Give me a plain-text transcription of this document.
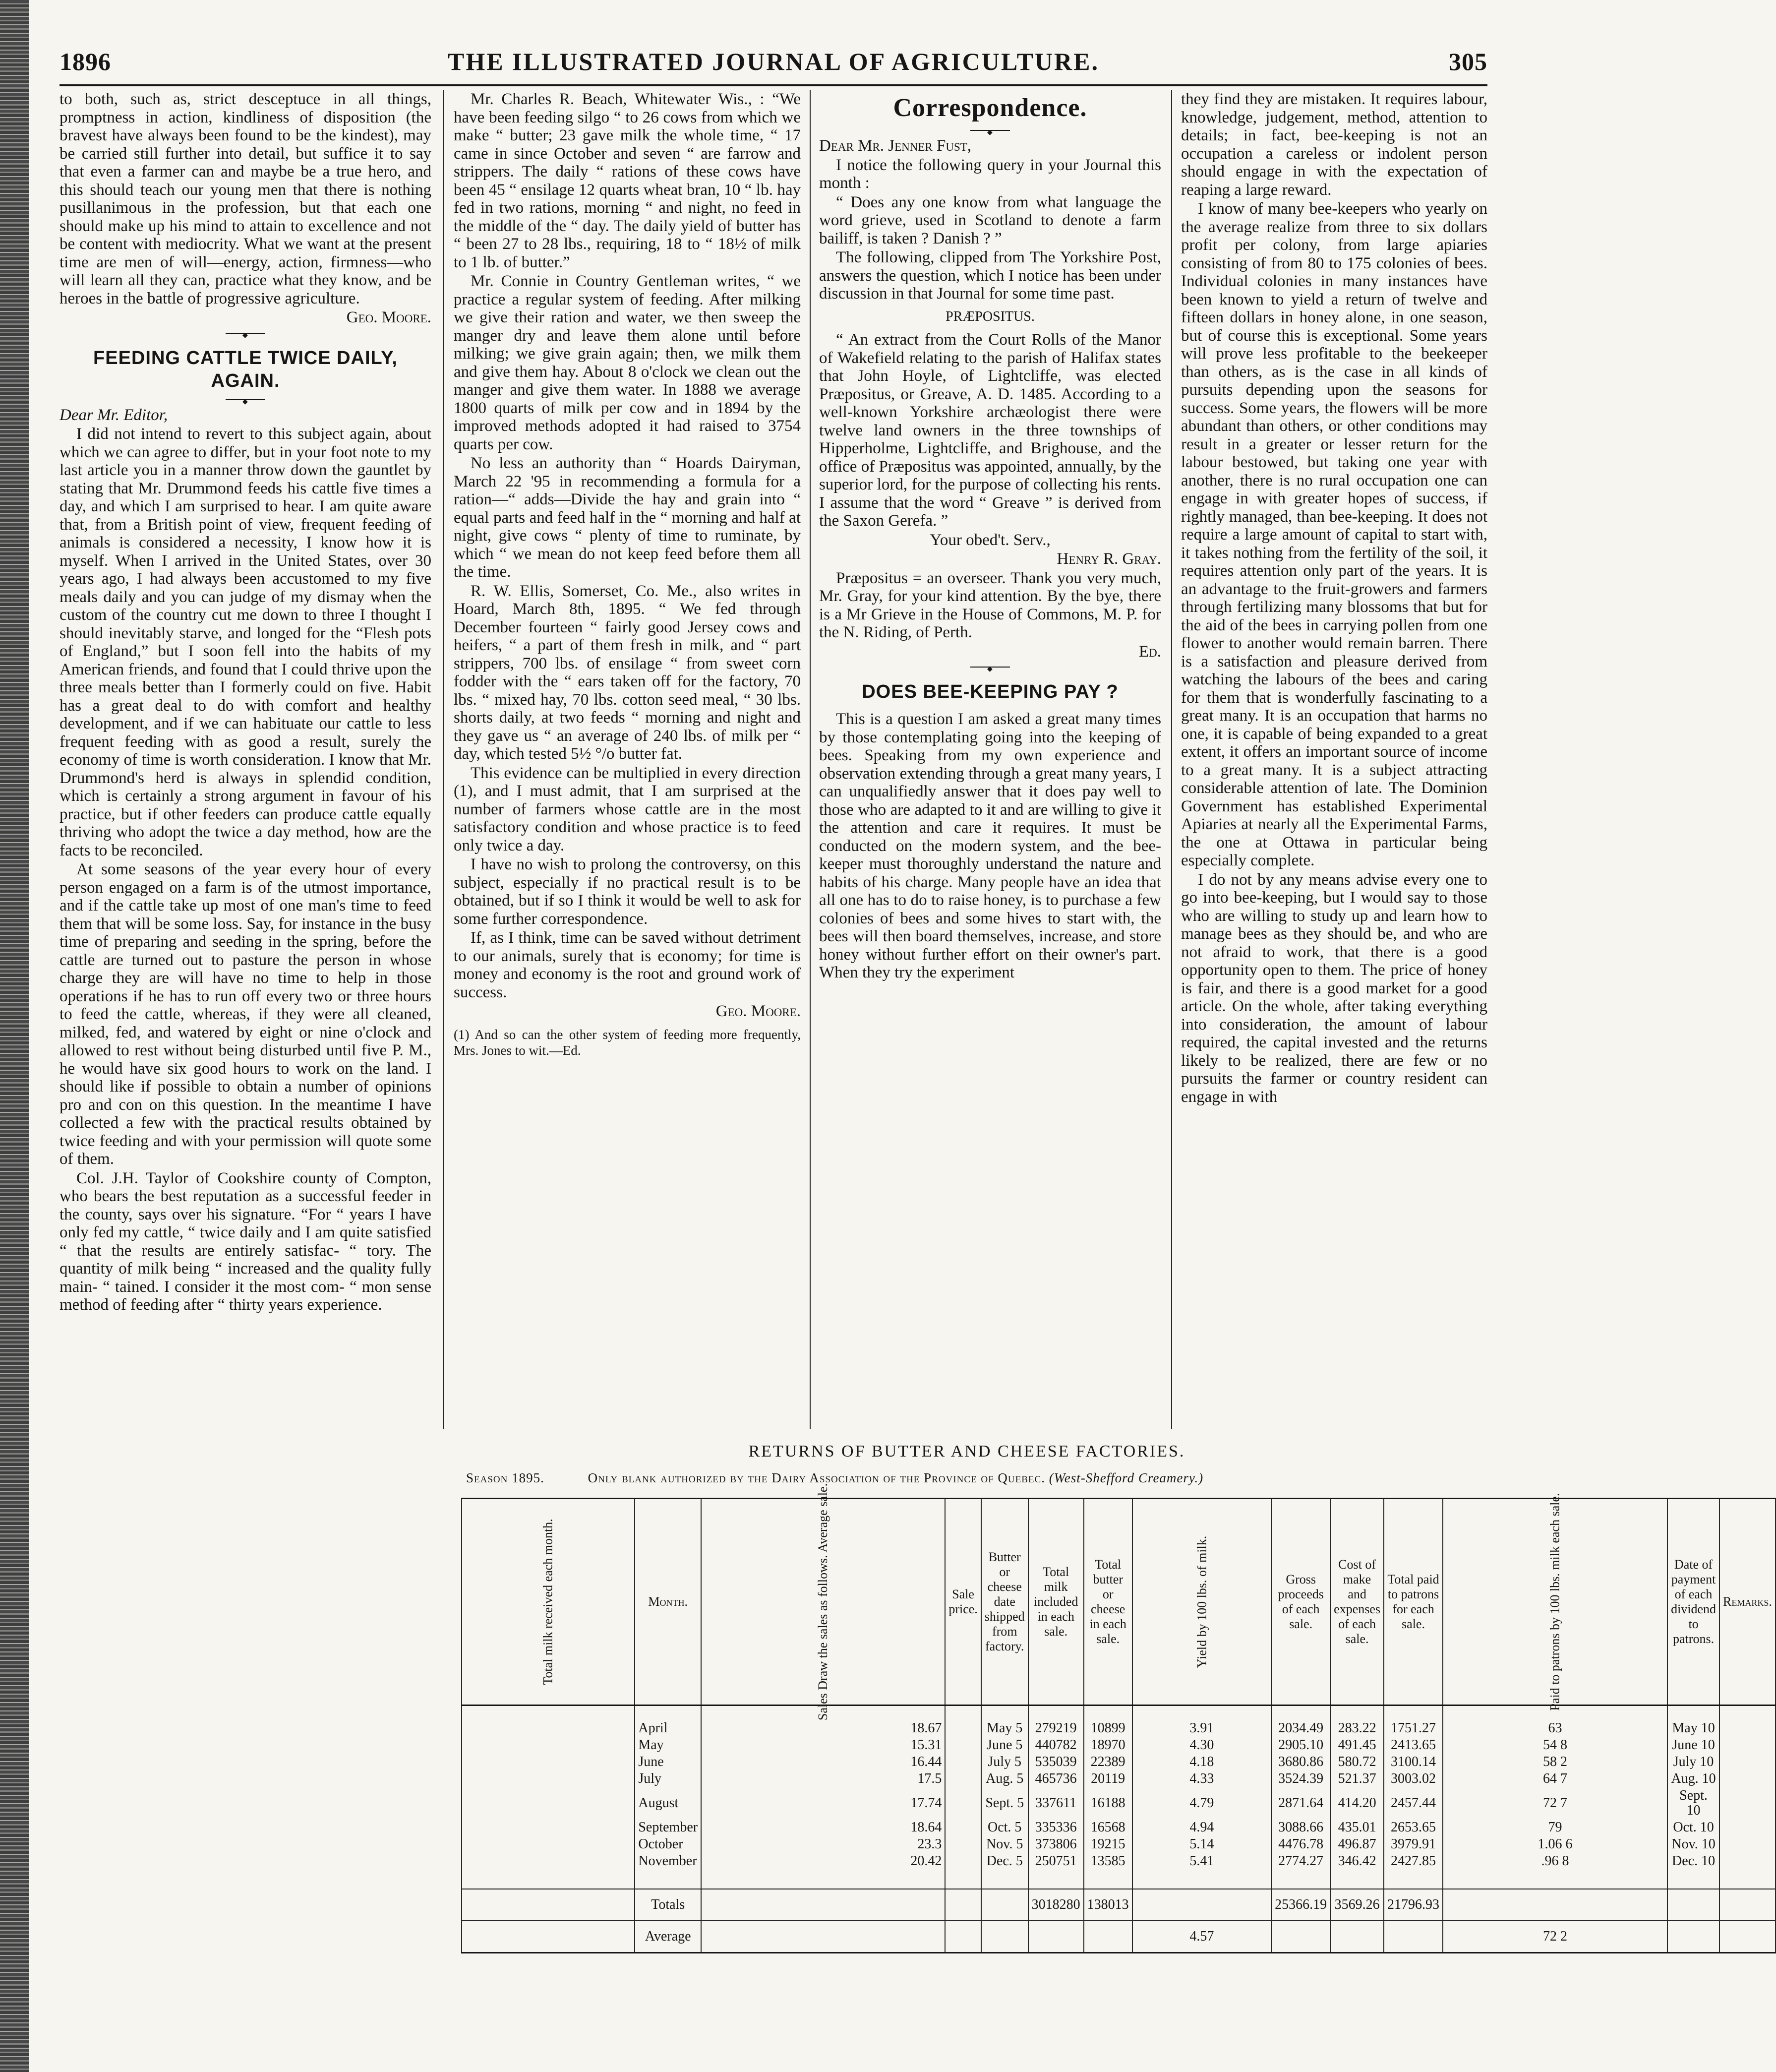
1896	THE ILLUSTRATED JOURNAL OF AGRICULTURE.	305

to both, such as, strict desceptuce in all things, promptness in action, kindliness of disposition (the bravest have always been found to be the kindest), may be carried still further into detail, but suffice it to say that even a farmer can and maybe be a true hero, and this should teach our young men that there is nothing pusillanimous in the profession, but that each one should make up his mind to attain to excellence and not be content with mediocrity. What we want at the present time are men of will—energy, action, firmness—who will learn all they can, practice what they know, and be heroes in the battle of progressive agriculture.

Geo. Moore.

◆
FEEDING CATTLE TWICE DAILY, AGAIN.
◆

Dear Mr. Editor,

I did not intend to revert to this subject again, about which we can agree to differ, but in your foot note to my last article you in a manner throw down the gauntlet by stating that Mr. Drummond feeds his cattle five times a day, and which I am surprised to hear. I am quite aware that, from a British point of view, frequent feeding of animals is considered a necessity, I know how it is myself. When I arrived in the United States, over 30 years ago, I had always been accustomed to my five meals daily and you can judge of my dismay when the custom of the country cut me down to three I thought I should inevitably starve, and longed for the “Flesh pots of England,” but I soon fell into the habits of my American friends, and found that I could thrive upon the three meals better than I formerly could on five. Habit has a great deal to do with comfort and healthy development, and if we can habituate our cattle to less frequent feeding with as good a result, surely the economy of time is worth consideration. I know that Mr. Drummond's herd is always in splendid condition, which is certainly a strong argument in favour of his practice, but if other feeders can produce cattle equally thriving who adopt the twice a day method, how are the facts to be reconciled.

At some seasons of the year every hour of every person engaged on a farm is of the utmost importance, and if the cattle take up most of one man's time to feed them that will be some loss. Say, for instance in the busy time of preparing and seeding in the spring, before the cattle are turned out to pasture the person in whose charge they are will have no time to help in those operations if he has to run off every two or three hours to feed the cattle, whereas, if they were all cleaned, milked, fed, and watered by eight or nine o'clock and allowed to rest without being disturbed until five P. M., he would have six good hours to work on the land. I should like if possible to obtain a number of opinions pro and con on this question. In the meantime I have collected a few with the practical results obtained by twice feeding and with your permission will quote some of them.

Col. J.H. Taylor of Cookshire county of Compton, who bears the best reputation as a successful feeder in the county, says over his signature. “For “ years I have only fed my cattle, “ twice daily and I am quite satisfied “ that the results are entirely satisfac- “ tory. The quantity of milk being “ increased and the quality fully main- “ tained. I consider it the most com- “ mon sense method of feeding after “ thirty years experience.

Mr. Charles R. Beach, Whitewater Wis., : “We have been feeding silgo “ to 26 cows from which we make “ butter; 23 gave milk the whole time, “ 17 came in since October and seven “ are farrow and strippers. The daily “ rations of these cows have been 45 “ ensilage 12 quarts wheat bran, 10 “ lb. hay fed in two rations, morning “ and night, no feed in the middle of the “ day. The daily yield of butter has “ been 27 to 28 lbs., requiring, 18 to “ 18½ of milk to 1 lb. of butter.”

Mr. Connie in Country Gentleman writes, “ we practice a regular system of feeding. After milking we give their ration and water, we then sweep the manger dry and leave them alone until before milking; we give grain again; then, we milk them and give them hay. About 8 o'clock we clean out the manger and give them water. In 1888 we average 1800 quarts of milk per cow and in 1894 by the improved methods adopted it had raised to 3754 quarts per cow.

No less an authority than “ Hoards Dairyman, March 22 '95 in recommending a formula for a ration—“ adds—Divide the hay and grain into “ equal parts and feed half in the “ morning and half at night, give cows “ plenty of time to ruminate, by which “ we mean do not keep feed before them all the time.

R. W. Ellis, Somerset, Co. Me., also writes in Hoard, March 8th, 1895. “ We fed through December fourteen “ fairly good Jersey cows and heifers, “ a part of them fresh in milk, and “ part strippers, 700 lbs. of ensilage “ from sweet corn fodder with the “ ears taken off for the factory, 70 lbs. “ mixed hay, 70 lbs. cotton seed meal, “ 30 lbs. shorts daily, at two feeds “ morning and night and they gave us “ an average of 240 lbs. of milk per “ day, which tested 5½ °/o butter fat.

This evidence can be multiplied in every direction (1), and I must admit, that I am surprised at the number of farmers whose cattle are in the most satisfactory condition and whose practice is to feed only twice a day.

I have no wish to prolong the controversy, on this subject, especially if no practical result is to be obtained, but if so I think it would be well to ask for some further correspondence.

If, as I think, time can be saved without detriment to our animals, surely that is economy; for time is money and economy is the root and ground work of success.

Geo. Moore.

(1) And so can the other system of feeding more frequently, Mrs. Jones to wit.—Ed.

Correspondence.
◆

Dear Mr. Jenner Fust,

I notice the following query in your Journal this month :

“ Does any one know from what language the word grieve, used in Scotland to denote a farm bailiff, is taken ? Danish ? ”

The following, clipped from The Yorkshire Post, answers the question, which I notice has been under discussion in that Journal for some time past.

PRÆPOSITUS.

“ An extract from the Court Rolls of the Manor of Wakefield relating to the parish of Halifax states that John Hoyle, of Lightcliffe, was elected Præpositus, or Greave, A. D. 1485. According to a well-known Yorkshire archæologist there were twelve land owners in the three townships of Hipperholme, Lightcliffe, and Brighouse, and the office of Præpositus was appointed, annually, by the superior lord, for the purpose of collecting his rents. I assume that the word “ Greave ” is derived from the Saxon Gerefa. ”

Your obed't. Serv.,

Henry R. Gray.

Præpositus = an overseer. Thank you very much, Mr. Gray, for your kind attention. By the bye, there is a Mr Grieve in the House of Commons, M. P. for the N. Riding, of Perth.

Ed.

◆
DOES BEE-KEEPING PAY ?

This is a question I am asked a great many times by those contemplating going into the keeping of bees. Speaking from my own experience and observation extending through a great many years, I can unqualifiedly answer that it does pay well to those who are adapted to it and are willing to give it the attention and care it requires. It must be conducted on the modern system, and the bee-keeper must thoroughly understand the nature and habits of his charge. Many people have an idea that all one has to do to raise honey, is to purchase a few colonies of bees and some hives to start with, the bees will then board themselves, increase, and store honey without further effort on their owner's part. When they try the experiment

they find they are mistaken. It requires labour, knowledge, judgement, method, attention to details; in fact, bee-keeping is not an occupation a careless or indolent person should engage in with the expectation of reaping a large reward.

I know of many bee-keepers who yearly on the average realize from three to six dollars profit per colony, from large apiaries consisting of from 80 to 175 colonies of bees. Individual colonies in many instances have been known to yield a return of twelve and fifteen dollars in honey alone, in one season, but of course this is exceptional. Some years will prove less profitable to the beekeeper than others, as is the case in all kinds of pursuits depending upon the seasons for success. Some years, the flowers will be more abundant than others, or other conditions may result in a greater or lesser return for the labour bestowed, but taking one year with another, there is no rural occupation one can engage in with greater hopes of success, if rightly managed, than bee-keeping. It does not require a large amount of capital to start with, it takes nothing from the fertility of the soil, it requires attention only part of the years. It is an advantage to the fruit-growers and farmers through fertilizing many blossoms that but for the aid of the bees in carrying pollen from one flower to another would remain barren. There is a satisfaction and pleasure derived from watching the labours of the bees and caring for them that is wonderfully fascinating to a great many. It is an occupation that harms no one, it is capable of being expanded to a great extent, it offers an important source of income to a great many. It is a subject attracting considerable attention of late. The Dominion Government has established Experimental Apiaries at nearly all the Experimental Farms, the one at Ottawa in particular being especially complete.

I do not by any means advise every one to go into bee-keeping, but I would say to those who are willing to study up and learn how to manage bees as they should be, and who are not afraid to work, that there is a good opportunity open to them. The price of honey is fair, and there is a good market for a good article. On the whole, after taking everything into consideration, the amount of labour required, the capital invested and the returns likely to be realized, there are few or no pursuits the farmer or country resident can engage in with

RETURNS OF BUTTER AND CHEESE FACTORIES.
Season 1895.	Only blank authorized by the Dairy Association of the Province of Quebec. (West-Shefford Creamery.)
Total milk received each month.	Month.	Sales Draw the sales as follows. Average sale.	Sale price.	Butter or cheese date shipped from factory.	Total milk included in each sale.	Total butter or cheese in each sale.	Yield by 100 lbs. of milk.	Gross proceeds of each sale.	Cost of make and expenses of each sale.	Total paid to patrons for each sale.	Paid to patrons by 100 lbs. milk each sale.	Date of payment of each dividend to patrons.	Remarks.
	April	18.67		May 5	279219	10899	3.91	2034.49	283.22	1751.27	63	May 10	
	May	15.31		June 5	440782	18970	4.30	2905.10	491.45	2413.65	54 8	June 10	
	June	16.44		July 5	535039	22389	4.18	3680.86	580.72	3100.14	58 2	July 10	
	July	17.5		Aug. 5	465736	20119	4.33	3524.39	521.37	3003.02	64 7	Aug. 10	
	August	17.74		Sept. 5	337611	16188	4.79	2871.64	414.20	2457.44	72 7	Sept. 10	
	September	18.64		Oct. 5	335336	16568	4.94	3088.66	435.01	2653.65	79	Oct. 10	
	October	23.3		Nov. 5	373806	19215	5.14	4476.78	496.87	3979.91	1.06 6	Nov. 10	
	November	20.42		Dec. 5	250751	13585	5.41	2774.27	346.42	2427.85	.96 8	Dec. 10	
	Totals				3018280	138013		25366.19	3569.26	21796.93			
	Average						4.57				72 2		
